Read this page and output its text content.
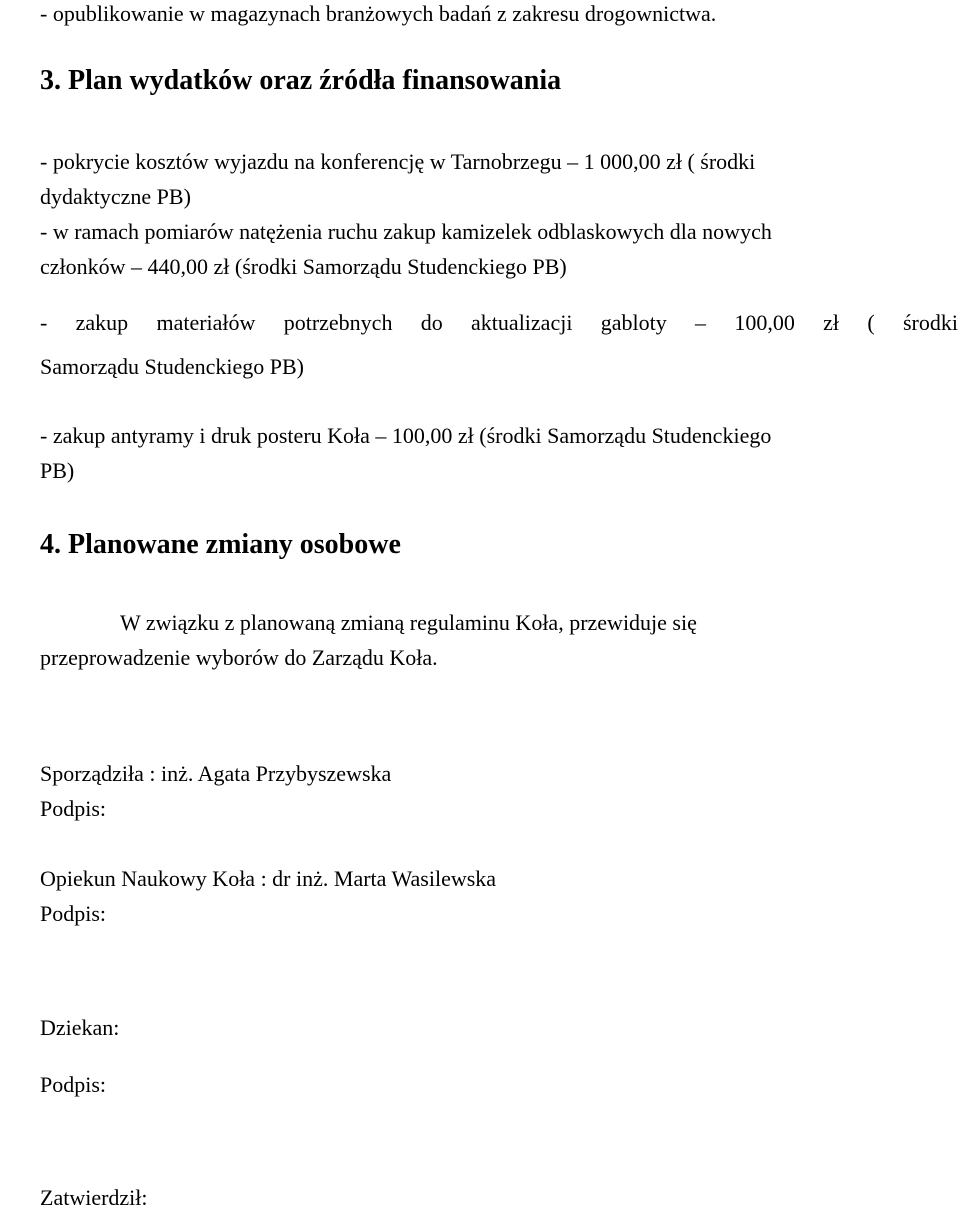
- opublikowanie w magazynach branżowych badań z zakresu drogownictwa.
3. Plan wydatków oraz źródła finansowania
- pokrycie kosztów wyjazdu na konferencję w Tarnobrzegu – 1 000,00 zł ( środki
dydaktyczne PB)
- w ramach pomiarów natężenia ruchu zakup kamizelek odblaskowych dla nowych
członków – 440,00 zł (środki Samorządu Studenckiego PB)
- zakup materiałów potrzebnych do aktualizacji gabloty – 100,00 zł ( środki
Samorządu Studenckiego PB)
- zakup antyramy i druk posteru Koła – 100,00 zł (środki Samorządu Studenckiego
PB)
4. Planowane zmiany osobowe
W związku z planowaną zmianą regulaminu Koła, przewiduje się
przeprowadzenie wyborów do Zarządu Koła.
Sporządziła : inż. Agata Przybyszewska
Podpis:
Opiekun Naukowy Koła : dr inż. Marta Wasilewska
Podpis:
Dziekan:
Podpis:
Zatwierdził:
